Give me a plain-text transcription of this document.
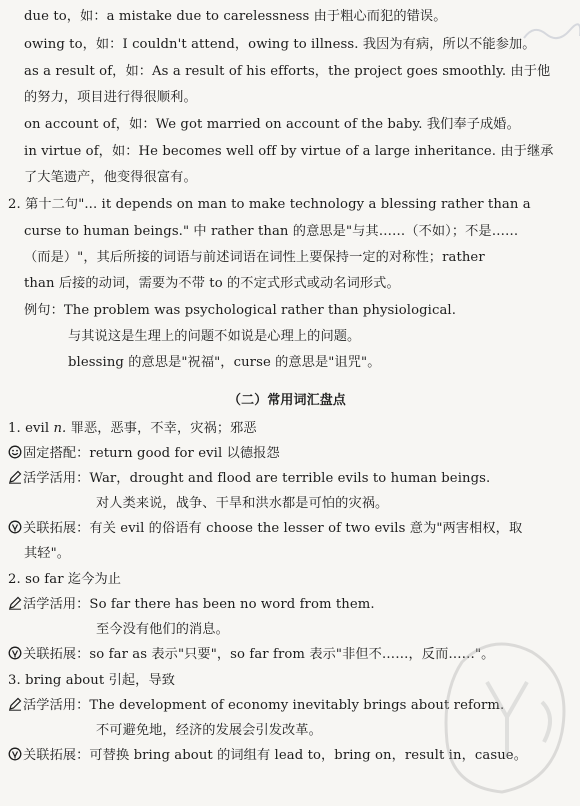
due to，如：a mistake due to carelessness 由于粗心而犯的错误。
owing to，如：I couldn't attend，owing to illness. 我因为有病，所以不能参加。
as a result of，如：As a result of his efforts，the project goes smoothly. 由于他
的努力，项目进行得很顺利。
on account of，如：We got married on account of the baby. 我们奉子成婚。
in virtue of，如：He becomes well off by virtue of a large inheritance. 由于继承
了大笔遗产，他变得很富有。
2. 第十二句"... it depends on man to make technology a blessing rather than a
curse to human beings." 中 rather than 的意思是"与其……（不如）；不是……
（而是）"，其后所接的词语与前述词语在词性上要保持一定的对称性；rather
than 后接的动词，需要为不带 to 的不定式形式或动名词形式。
例句：The problem was psychological rather than physiological.
与其说这是生理上的问题不如说是心理上的问题。
blessing 的意思是"祝福"，curse 的意思是"诅咒"。
（二）常用词汇盘点
1. evil n. 罪恶，恶事，不幸，灾祸；邪恶
固定搭配：return good for evil 以德报怨
活学活用：War，drought and flood are terrible evils to human beings.
对人类来说，战争、干旱和洪水都是可怕的灾祸。
关联拓展：有关 evil 的俗语有 choose the lesser of two evils 意为"两害相权，取
其轻"。
2. so far 迄今为止
活学活用：So far there has been no word from them.
至今没有他们的消息。
关联拓展：so far as 表示"只要"，so far from 表示"非但不……，反而……"。
3. bring about 引起，导致
活学活用：The development of economy inevitably brings about reform.
不可避免地，经济的发展会引发改革。
关联拓展：可替换 bring about 的词组有 lead to，bring on，result in，casue。
